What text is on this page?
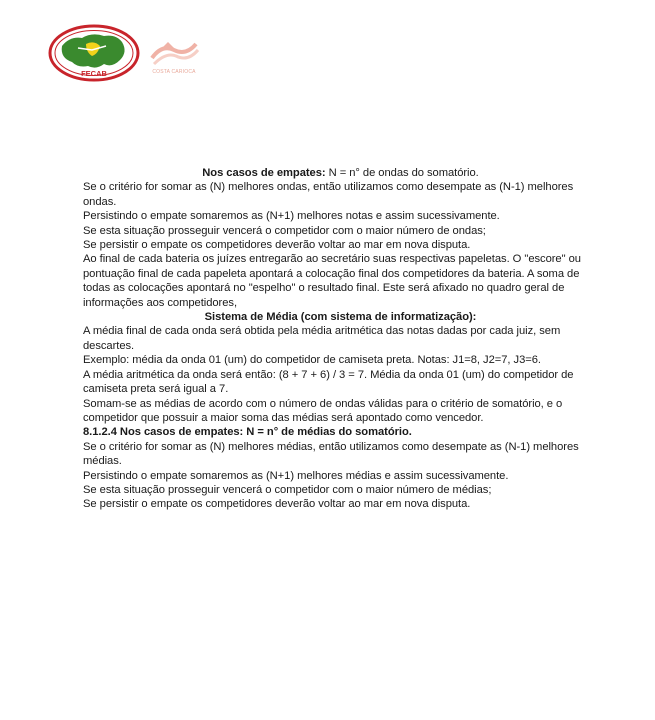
FECAB	COSTA CARIOCA

Nos casos de empates: N = n° de ondas do somatório.

Se o critério for somar as (N) melhores ondas, então utilizamos como desempate as (N-1) melhores ondas.

Persistindo o empate somaremos as (N+1) melhores notas e assim sucessivamente.

Se esta situação prosseguir vencerá o competidor com o maior número de ondas;

Se persistir o empate os competidores deverão voltar ao mar em nova disputa.

Ao final de cada bateria os juízes entregarão ao secretário suas respectivas papeletas. O "escore" ou pontuação final de cada papeleta apontará a colocação final dos competidores da bateria. A soma de todas as colocações apontará no "espelho" o resultado final. Este será afixado no quadro geral de informações aos competidores,

Sistema de Média (com sistema de informatização):

A média final de cada onda será obtida pela média aritmética das notas dadas por cada juiz, sem descartes.

Exemplo: média da onda 01 (um) do competidor de camiseta preta. Notas: J1=8, J2=7, J3=6.

A média aritmética da onda será então: (8 + 7 + 6) / 3 = 7. Média da onda 01 (um) do competidor de camiseta preta será igual a 7.

Somam-se as médias de acordo com o número de ondas válidas para o critério de somatório, e o competidor que possuir a maior soma das médias será apontado como vencedor.

8.1.2.4 Nos casos de empates: N = n° de médias do somatório.

Se o critério for somar as (N) melhores médias, então utilizamos como desempate as (N-1) melhores médias.

Persistindo o empate somaremos as (N+1) melhores médias e assim sucessivamente.

Se esta situação prosseguir vencerá o competidor com o maior número de médias;

Se persistir o empate os competidores deverão voltar ao mar em nova disputa.
